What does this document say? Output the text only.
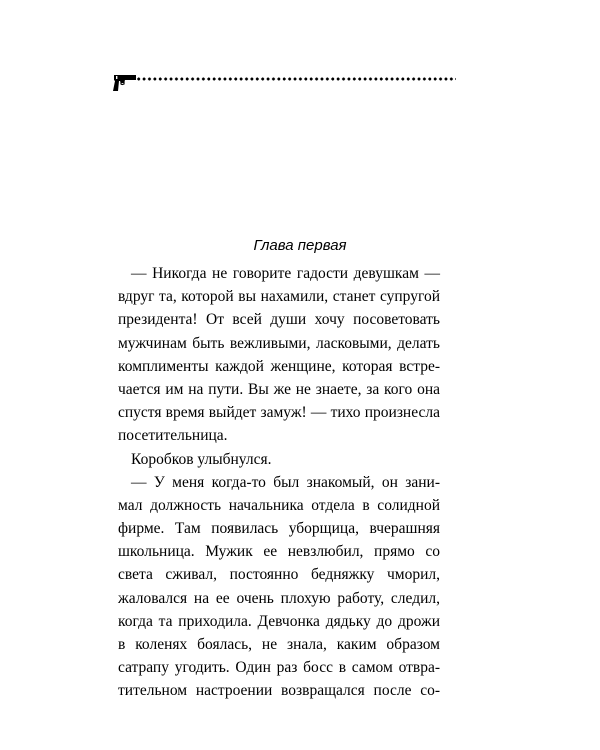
Глава первая
— Никогда не говорите гадости девушкам —
вдруг та, которой вы нахамили, станет супругой
президента! От всей души хочу посоветовать
мужчинам быть вежливыми, ласковыми, делать
комплименты каждой женщине, которая встре-
чается им на пути. Вы же не знаете, за кого она
спустя время выйдет замуж! — тихо произнесла
посетительница.
Коробков улыбнулся.
— У меня когда-то был знакомый, он зани-
мал должность начальника отдела в солидной
фирме. Там появилась уборщица, вчерашняя
школьница. Мужик ее невзлюбил, прямо со
света сживал, постоянно бедняжку чморил,
жаловался на ее очень плохую работу, следил,
когда та приходила. Девчонка дядьку до дрожи
в коленях боялась, не знала, каким образом
сатрапу угодить. Один раз босс в самом отвра-
тительном настроении возвращался после со-
